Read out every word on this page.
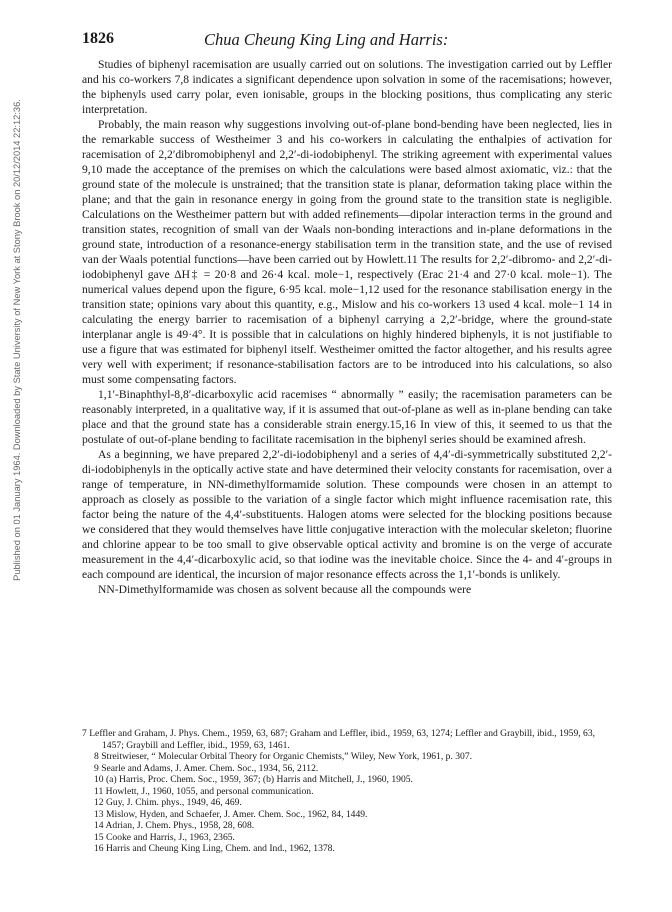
Published on 01 January 1964. Downloaded by State University of New York at Stony Brook on 20/12/2014 22:12:36.
1826	Chua Cheung King Ling and Harris:

Studies of biphenyl racemisation are usually carried out on solutions. The investigation carried out by Leffler and his co-workers 7,8 indicates a significant dependence upon solvation in some of the racemisations; however, the biphenyls used carry polar, even ionisable, groups in the blocking positions, thus complicating any steric interpretation.

Probably, the main reason why suggestions involving out-of-plane bond-bending have been neglected, lies in the remarkable success of Westheimer 3 and his co-workers in calculating the enthalpies of activation for racemisation of 2,2′dibromobiphenyl and 2,2′-di-iodobiphenyl. The striking agreement with experimental values 9,10 made the acceptance of the premises on which the calculations were based almost axiomatic, viz.: that the ground state of the molecule is unstrained; that the transition state is planar, deformation taking place within the plane; and that the gain in resonance energy in going from the ground state to the transition state is negligible. Calculations on the Westheimer pattern but with added refinements—dipolar interaction terms in the ground and transition states, recognition of small van der Waals non-bonding interactions and in-plane deformations in the ground state, introduction of a resonance-energy stabilisation term in the transition state, and the use of revised van der Waals potential functions—have been carried out by Howlett.11 The results for 2,2′-dibromo- and 2,2′-di-iodobiphenyl gave ΔH‡ = 20·8 and 26·4 kcal. mole−1, respectively (Erac 21·4 and 27·0 kcal. mole−1). The numerical values depend upon the figure, 6·95 kcal. mole−1,12 used for the resonance stabilisation energy in the transition state; opinions vary about this quantity, e.g., Mislow and his co-workers 13 used 4 kcal. mole−1 14 in calculating the energy barrier to racemisation of a biphenyl carrying a 2,2′-bridge, where the ground-state interplanar angle is 49·4°. It is possible that in calculations on highly hindered biphenyls, it is not justifiable to use a figure that was estimated for biphenyl itself. Westheimer omitted the factor altogether, and his results agree very well with experiment; if resonance-stabilisation factors are to be introduced into his calculations, so also must some compensating factors.

1,1′-Binaphthyl-8,8′-dicarboxylic acid racemises “ abnormally ” easily; the racemisation parameters can be reasonably interpreted, in a qualitative way, if it is assumed that out-of-plane as well as in-plane bending can take place and that the ground state has a considerable strain energy.15,16 In view of this, it seemed to us that the postulate of out-of-plane bending to facilitate racemisation in the biphenyl series should be examined afresh.

As a beginning, we have prepared 2,2′-di-iodobiphenyl and a series of 4,4′-di-symmetrically substituted 2,2′-di-iodobiphenyls in the optically active state and have determined their velocity constants for racemisation, over a range of temperature, in NN-dimethylformamide solution. These compounds were chosen in an attempt to approach as closely as possible to the variation of a single factor which might influence racemisation rate, this factor being the nature of the 4,4′-substituents. Halogen atoms were selected for the blocking positions because we considered that they would themselves have little conjugative interaction with the molecular skeleton; fluorine and chlorine appear to be too small to give observable optical activity and bromine is on the verge of accurate measurement in the 4,4′-dicarboxylic acid, so that iodine was the inevitable choice. Since the 4- and 4′-groups in each compound are identical, the incursion of major resonance effects across the 1,1′-bonds is unlikely.

NN-Dimethylformamide was chosen as solvent because all the compounds were

7 Leffler and Graham, J. Phys. Chem., 1959, 63, 687; Graham and Leffler, ibid., 1959, 63, 1274; Leffler and Graybill, ibid., 1959, 63, 1457; Graybill and Leffler, ibid., 1959, 63, 1461.

8 Streitwieser, “ Molecular Orbital Theory for Organic Chemists,” Wiley, New York, 1961, p. 307.

9 Searle and Adams, J. Amer. Chem. Soc., 1934, 56, 2112.

10 (a) Harris, Proc. Chem. Soc., 1959, 367; (b) Harris and Mitchell, J., 1960, 1905.

11 Howlett, J., 1960, 1055, and personal communication.

12 Guy, J. Chim. phys., 1949, 46, 469.

13 Mislow, Hyden, and Schaefer, J. Amer. Chem. Soc., 1962, 84, 1449.

14 Adrian, J. Chem. Phys., 1958, 28, 608.

15 Cooke and Harris, J., 1963, 2365.

16 Harris and Cheung King Ling, Chem. and Ind., 1962, 1378.
